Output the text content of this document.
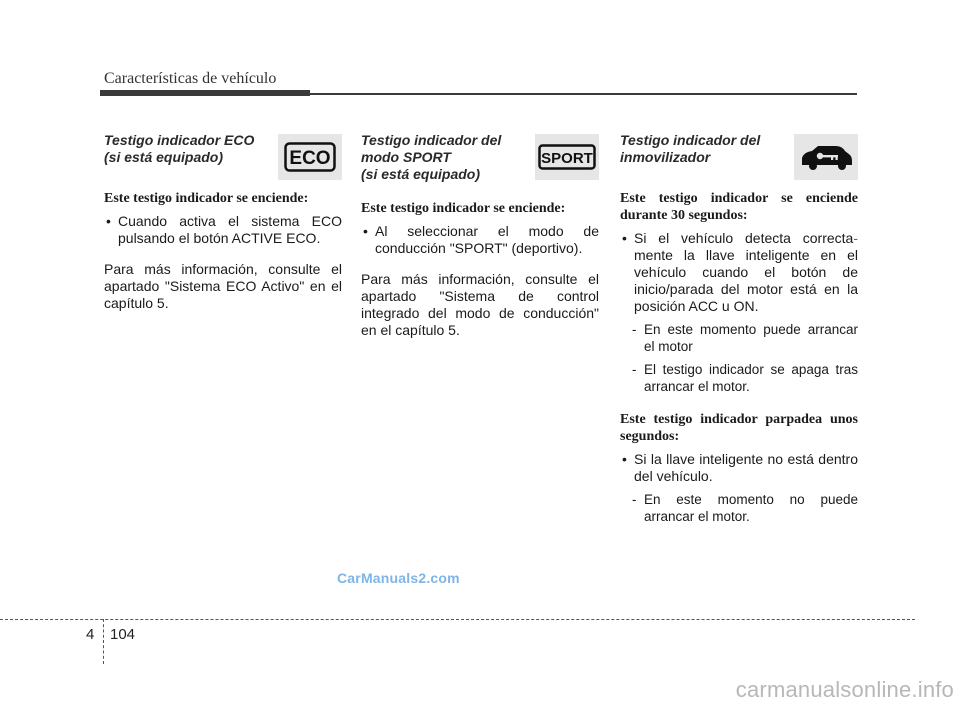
Características de vehículo

Testigo indicador ECO
(si está equipado)	ECO

Este testigo indicador se enciende:

• Cuando activa el sistema ECO pulsando el botón ACTIVE ECO.

Para más información, consulte el apartado "Sistema ECO Activo" en el capítulo 5.

Testigo indicador del
modo SPORT
(si está equipado)

SPORT

Este testigo indicador se enciende:

• Al seleccionar el modo de conducción "SPORT" (deportivo).

Para más información, consulte el apartado "Sistema de control integrado del modo de conducción" en el capítulo 5.

Testigo indicador del
inmovilizador

Este testigo indicador se enciende durante 30 segundos:

• Si el vehículo detecta correcta- mente la llave inteligente en el vehículo cuando el botón de inicio/parada del motor está en la posición ACC u ON.

- En este momento puede arrancar el motor

- El testigo indicador se apaga tras arrancar el motor.

Este testigo indicador parpadea unos segundos:

• Si la llave inteligente no está dentro del vehículo.

- En este momento no puede arrancar el motor.

CarManuals2.com
4 104
carmanualsonline.info
